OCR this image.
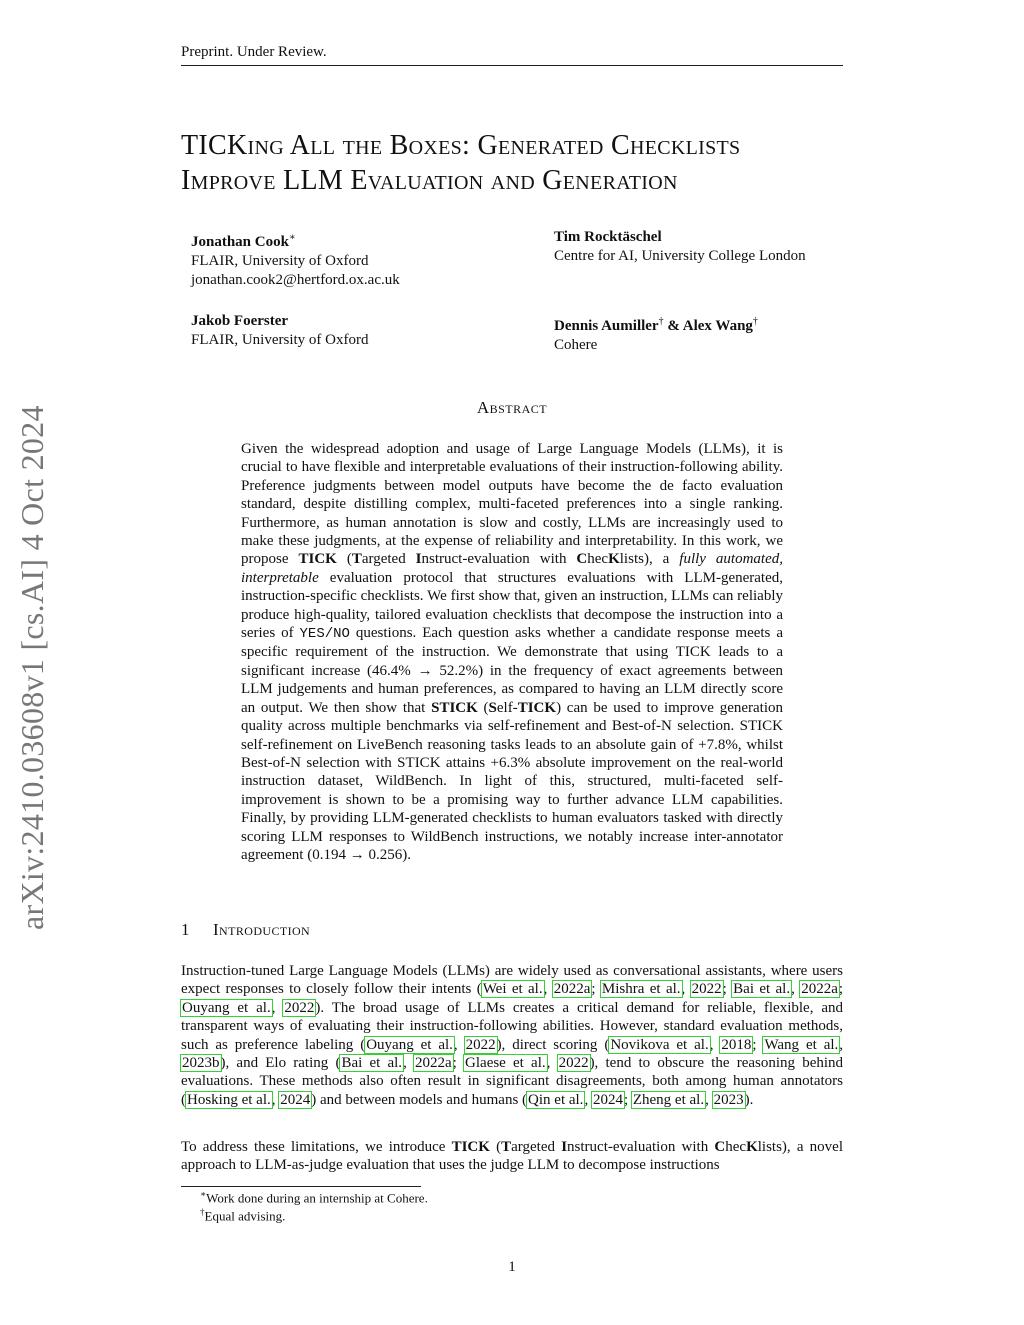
Preprint. Under Review.
arXiv:2410.03608v1 [cs.AI] 4 Oct 2024
TICKing All the Boxes: Generated Checklists
Improve LLM Evaluation and Generation
Jonathan Cook∗
FLAIR, University of Oxford
jonathan.cook2@hertford.ox.ac.uk
Tim Rocktäschel
Centre for AI, University College London
Jakob Foerster
FLAIR, University of Oxford
Dennis Aumiller† & Alex Wang†
Cohere
Abstract
Given the widespread adoption and usage of Large Language Models (LLMs), it is crucial to have flexible and interpretable evaluations of their instruction-following ability. Preference judgments between model outputs have become the de facto evaluation standard, despite distilling complex, multi-faceted preferences into a single ranking. Furthermore, as human annotation is slow and costly, LLMs are increasingly used to make these judgments, at the expense of reliability and interpretability. In this work, we propose TICK (Targeted Instruct-evaluation with ChecKlists), a fully automated, interpretable evaluation protocol that structures evaluations with LLM-generated, instruction-specific checklists. We first show that, given an instruction, LLMs can reliably produce high-quality, tailored evaluation checklists that decompose the instruction into a series of YES/NO questions. Each question asks whether a candidate response meets a specific requirement of the instruction. We demonstrate that using TICK leads to a significant increase (46.4% → 52.2%) in the frequency of exact agreements between LLM judgements and human preferences, as compared to having an LLM directly score an output. We then show that STICK (Self-TICK) can be used to improve generation quality across multiple benchmarks via self-refinement and Best-of-N selection. STICK self-refinement on LiveBench reasoning tasks leads to an absolute gain of +7.8%, whilst Best-of-N selection with STICK attains +6.3% absolute improvement on the real-world instruction dataset, WildBench. In light of this, structured, multi-faceted self-improvement is shown to be a promising way to further advance LLM capabilities. Finally, by providing LLM-generated checklists to human evaluators tasked with directly scoring LLM responses to WildBench instructions, we notably increase inter-annotator agreement (0.194 → 0.256).
1 Introduction
Instruction-tuned Large Language Models (LLMs) are widely used as conversational assistants, where users expect responses to closely follow their intents (Wei et al., 2022a; Mishra et al., 2022; Bai et al., 2022a; Ouyang et al., 2022). The broad usage of LLMs creates a critical demand for reliable, flexible, and transparent ways of evaluating their instruction-following abilities. However, standard evaluation methods, such as preference labeling (Ouyang et al., 2022), direct scoring (Novikova et al., 2018; Wang et al., 2023b), and Elo rating (Bai et al., 2022a; Glaese et al., 2022), tend to obscure the reasoning behind evaluations. These methods also often result in significant disagreements, both among human annotators (Hosking et al., 2024) and between models and humans (Qin et al., 2024; Zheng et al., 2023).
To address these limitations, we introduce TICK (Targeted Instruct-evaluation with ChecKlists), a novel approach to LLM-as-judge evaluation that uses the judge LLM to decompose instructions
∗Work done during an internship at Cohere.
†Equal advising.
1
